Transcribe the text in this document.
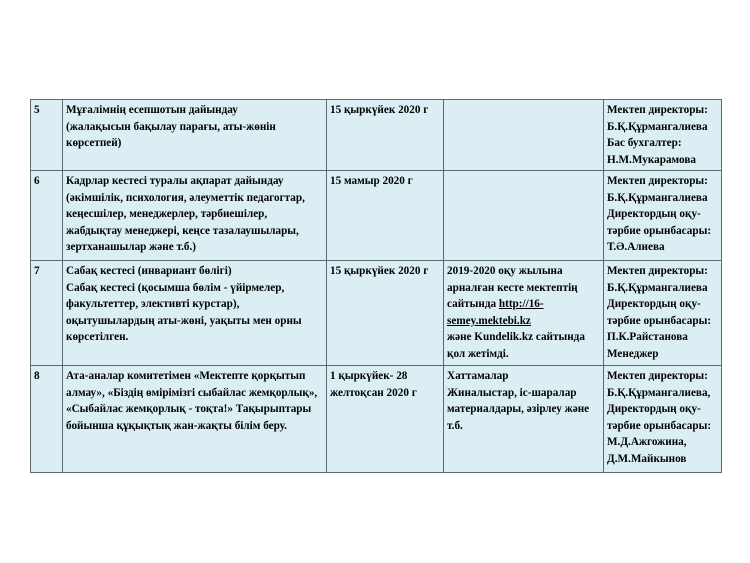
5	Мұғалімнің есепшотын дайындау
(жалақысын бақылау парағы, аты-жөнін көрсетпей)	15 қыркүйек 2020 г		Мектеп директоры:
Б.Қ.Құрмангалиева
Бас бухгалтер:
Н.М.Мукарамова

6	Кадрлар кестесі туралы ақпарат дайындау (әкімшілік, психология, әлеуметтік педагогтар, кеңесшілер, менеджерлер, тәрбиешілер, жабдықтау менеджері, кеңсе тазалаушылары, зертханашылар және т.б.)	15 мамыр 2020 г		Мектеп директоры:
Б.Қ.Құрмангалиева
Директордың оқу-тәрбие орынбасары:
Т.Ә.Алиева

7	Сабақ кестесі (инвариант бөлігі)
Сабақ кестесі (қосымша бөлім - үйірмелер, факультеттер, элективті курстар), оқытушылардың аты-жөні, уақыты мен орны көрсетілген.	15 қыркүйек 2020 г	2019-2020 оқу жылына арналған кесте мектептің сайтында http://16-semey.mektebi.kz
және Kundelik.kz сайтында қол жетімді.	Мектеп директоры:
Б.Қ.Құрмангалиева
Директордың оқу-тәрбие орынбасары:
П.К.Райстанова
Менеджер

8	Ата-аналар комитетімен «Мектепте қорқытып алмау», «Біздің өмірімізгі сыбайлас жемқорлық», «Сыбайлас жемқорлық - тоқта!» Тақырыптары бойынша құқықтық жан-жақты білім беру.	1 қыркүйек- 28 желтоқсан 2020 г	Хаттамалар
Жиналыстар, іс-шаралар материалдары, әзірлеу және т.б.	Мектеп директоры:
Б.Қ.Құрмангалиева,
Директордың оқу-тәрбие орынбасары:
М.Д.Ажгожина,
Д.М.Майкынов
